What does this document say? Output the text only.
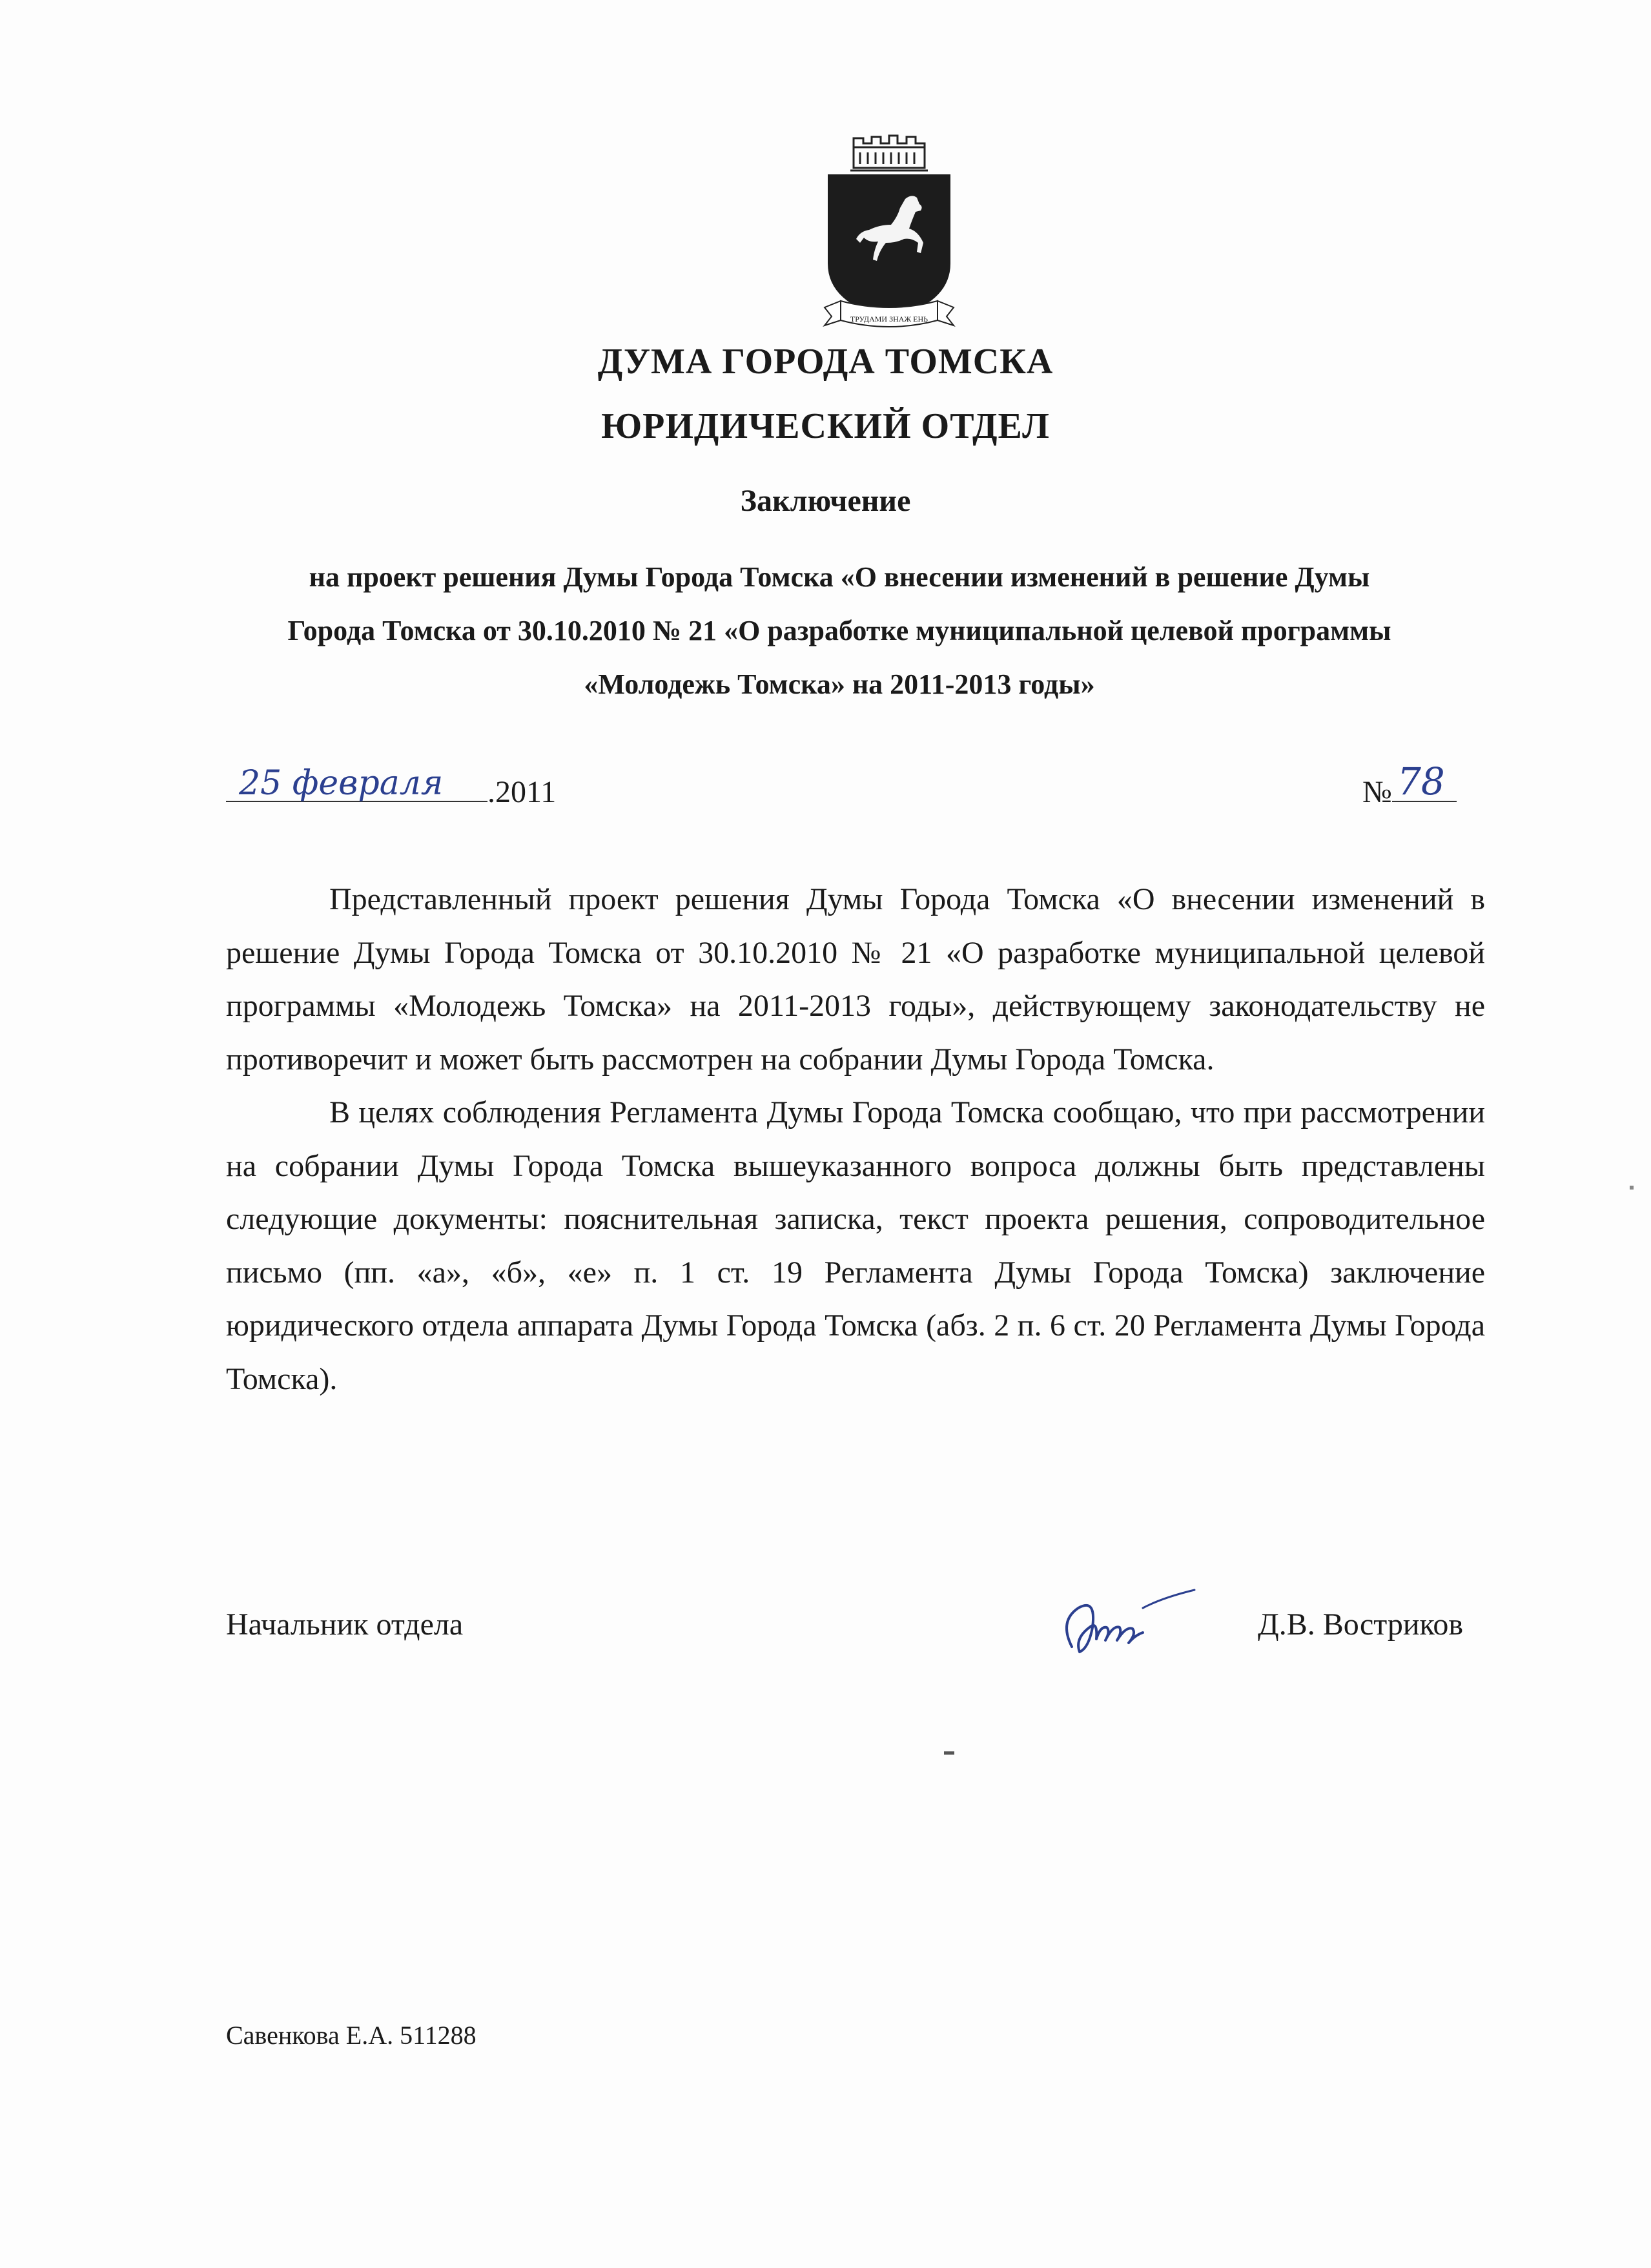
ТРУДАМИ ЗНАЖ ЕНЬ
ДУМА ГОРОДА ТОМСКА
ЮРИДИЧЕСКИЙ ОТДЕЛ
Заключение
на проект решения Думы Города Томска «О внесении изменений в решение Думы
Города Томска от 30.10.2010 № 21 «О разработке муниципальной целевой программы
«Молодежь Томска» на 2011-2013 годы»
25 февраля .2011	№ 78

Представленный проект решения Думы Города Томска «О внесении изменений в решение Думы Города Томска от 30.10.2010 № 21 «О разработке муниципальной целевой программы «Молодежь Томска» на 2011-2013 годы», действующему законодательству не противоречит и может быть рассмотрен на собрании Думы Города Томска.

В целях соблюдения Регламента Думы Города Томска сообщаю, что при рассмотрении на собрании Думы Города Томска вышеуказанного вопроса должны быть представлены следующие документы: пояснительная записка, текст проекта решения, сопроводительное письмо (пп. «а», «б», «е» п. 1 ст. 19 Регламента Думы Города Томска) заключение юридического отдела аппарата Думы Города Томска (абз. 2 п. 6 ст. 20 Регламента Думы Города Томска).

Начальник отдела	Д.В. Востриков
Савенкова Е.А. 511288
